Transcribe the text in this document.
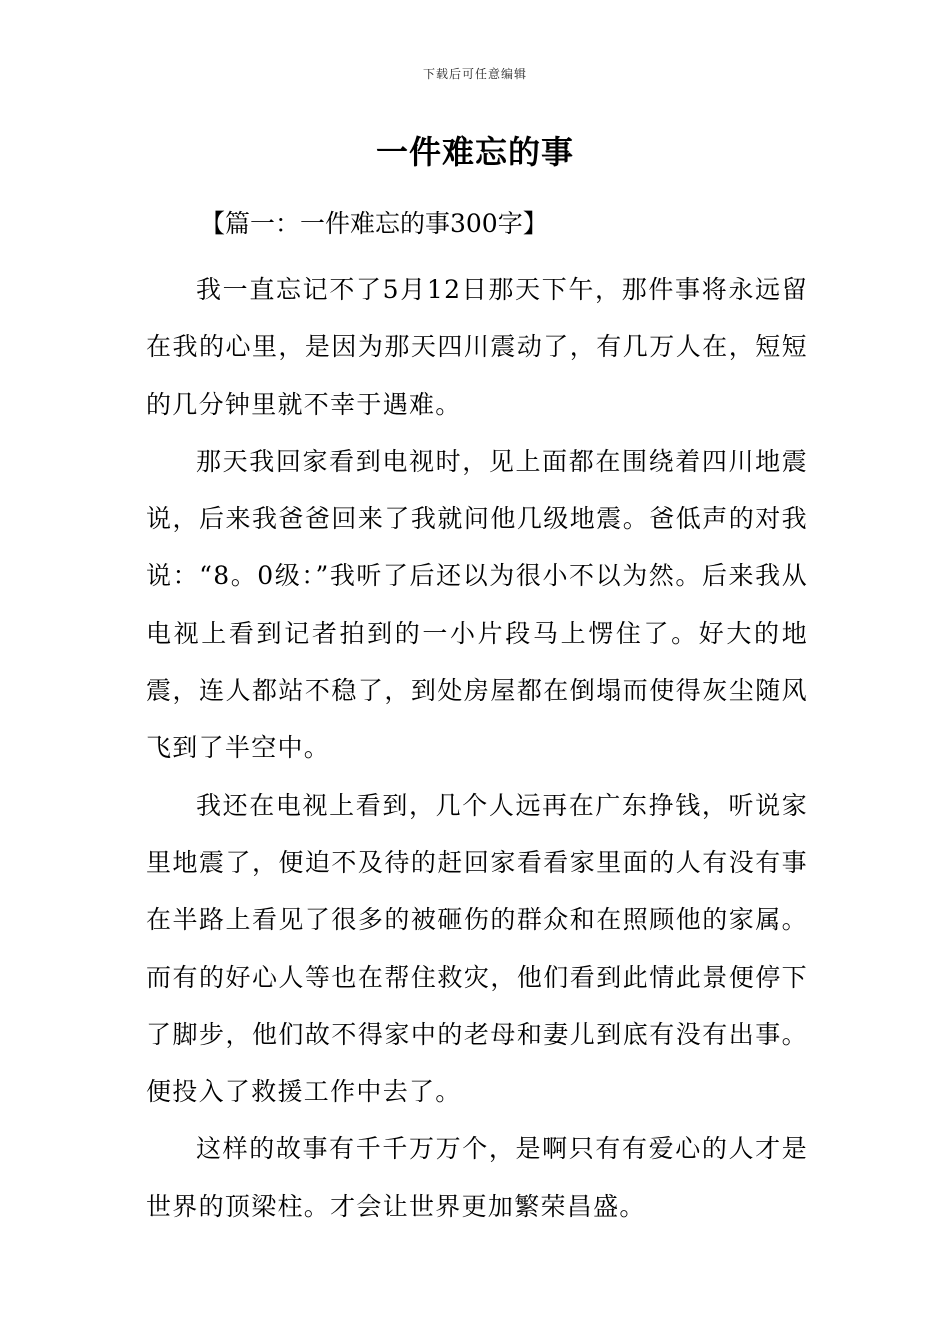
下载后可任意编辑
一件难忘的事
【篇一：一件难忘的事300字】

我一直忘记不了5月12日那天下午，那件事将永远留在我的心里，是因为那天四川震动了，有几万人在，短短的几分钟里就不幸于遇难。

那天我回家看到电视时，见上面都在围绕着四川地震说，后来我爸爸回来了我就问他几级地震。爸低声的对我说：“8。0级：”我听了后还以为很小不以为然。后来我从电视上看到记者拍到的一小片段马上愣住了。好大的地震，连人都站不稳了，到处房屋都在倒塌而使得灰尘随风飞到了半空中。

我还在电视上看到，几个人远再在广东挣钱，听说家里地震了，便迫不及待的赶回家看看家里面的人有没有事在半路上看见了很多的被砸伤的群众和在照顾他的家属。而有的好心人等也在帮住救灾，他们看到此情此景便停下了脚步，他们故不得家中的老母和妻儿到底有没有出事。便投入了救援工作中去了。

这样的故事有千千万万个，是啊只有有爱心的人才是世界的顶梁柱。才会让世界更加繁荣昌盛。
